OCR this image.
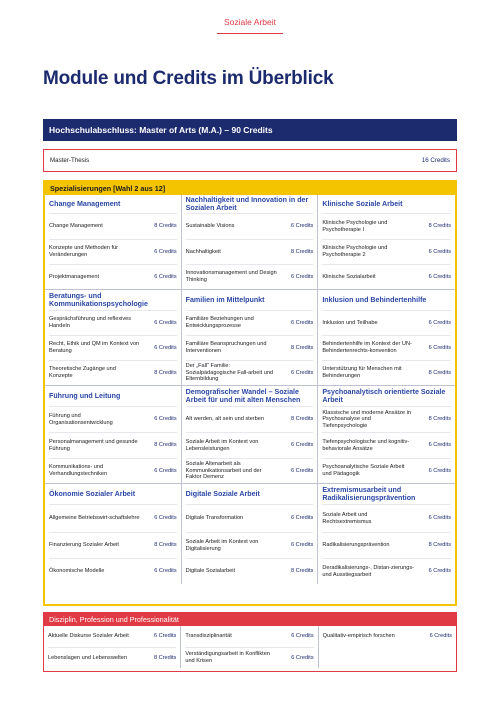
Soziale Arbeit
Module und Credits im Überblick
Hochschulabschluss: Master of Arts (M.A.) – 90 Credits
Master-Thesis	16 Credits
Spezialisierungen [Wahl 2 aus 12]
Change Management
Change Management	8 Credits
Konzepte und Methoden für Veränderungen
6 Credits
Projektmanagement	6 Credits
Nachhaltigkeit und Innovation in der Sozialen Arbeit
Sustainable Visions	6 Credits
Nachhaltigkeit	8 Credits
Innovationsmanagement und Design Thinking
6 Credits
Klinische Soziale Arbeit
Klinische Psychologie und Psychotherapie I
8 Credits
Klinische Psychologie und Psychotherapie 2
6 Credits
Klinische Sozialarbeit	6 Credits
Beratungs- und Kommunikationspsychologie
Gesprächsführung und reflexives Handeln
6 Credits
Recht, Ethik und QM im Kontext von Beratung
6 Credits
Theoretische Zugänge und Konzepte
8 Credits
Familien im Mittelpunkt
Familiäre Beziehungen und Entwicklungsprozesse
6 Credits
Familiäre Beanspruchungen und Interventionen
8 Credits
Der „Fall“ Familie: Sozialpädagogische Fall-arbeit und Elternbildung
6 Credits
Inklusion und Behindertenhilfe
Inklusion und Teilhabe	6 Credits
Behindertenhilfe im Kontext der UN-Behindertenrechts-konvention
6 Credits
Unterstützung für Menschen mit Behinderungen
8 Credits
Führung und Leitung
Führung und Organisationsentwicklung
6 Credits
Personalmanagement und gesunde Führung
8 Credits
Kommunikations- und Verhandlungstechniken
6 Credits
Demografischer Wandel – Soziale Arbeit für und mit alten Menschen
Alt werden, alt sein und sterben	8 Credits
Soziale Arbeit im Kontext von Lebensleistungen
6 Credits
Soziale Altenarbeit als Kommunikationsarbeit und der Faktor Demenz
6 Credits
Psychoanalytisch orientierte Soziale Arbeit
Klassische und moderne Ansätze in Psychoanalyse und Tiefenpsychologie
8 Credits
Tiefenpsychologische und kognitiv-behaviorale Ansätze
6 Credits
Psychoanalytische Soziale Arbeit und Pädagogik
6 Credits
Ökonomie Sozialer Arbeit
Allgemeine Betriebswirt-schaftslehre	6 Credits
Finanzierung Sozialer Arbeit	8 Credits
Ökonomische Modelle	6 Credits
Digitale Soziale Arbeit
Digitale Transformation	6 Credits
Soziale Arbeit im Kontext von Digitalisierung
6 Credits
Digitale Sozialarbeit	8 Credits
Extremismusarbeit und Radikalisierungsprävention
Soziale Arbeit und Rechtsextremismus
6 Credits
Radikalisierungsprävention	8 Credits
Deradikalisierungs-, Distan-zierungs- und Ausstiegsarbeit
6 Credits
Disziplin, Profession und Professionalität
Aktuelle Diskurse Sozialer Arbeit	6 Credits
Lebenslagen und Lebenswelten	8 Credits
Transdisziplinarität	6 Credits
Verständigungsarbeit in Konflikten und Krisen
6 Credits
Qualitativ-empirisch forschen	6 Credits
